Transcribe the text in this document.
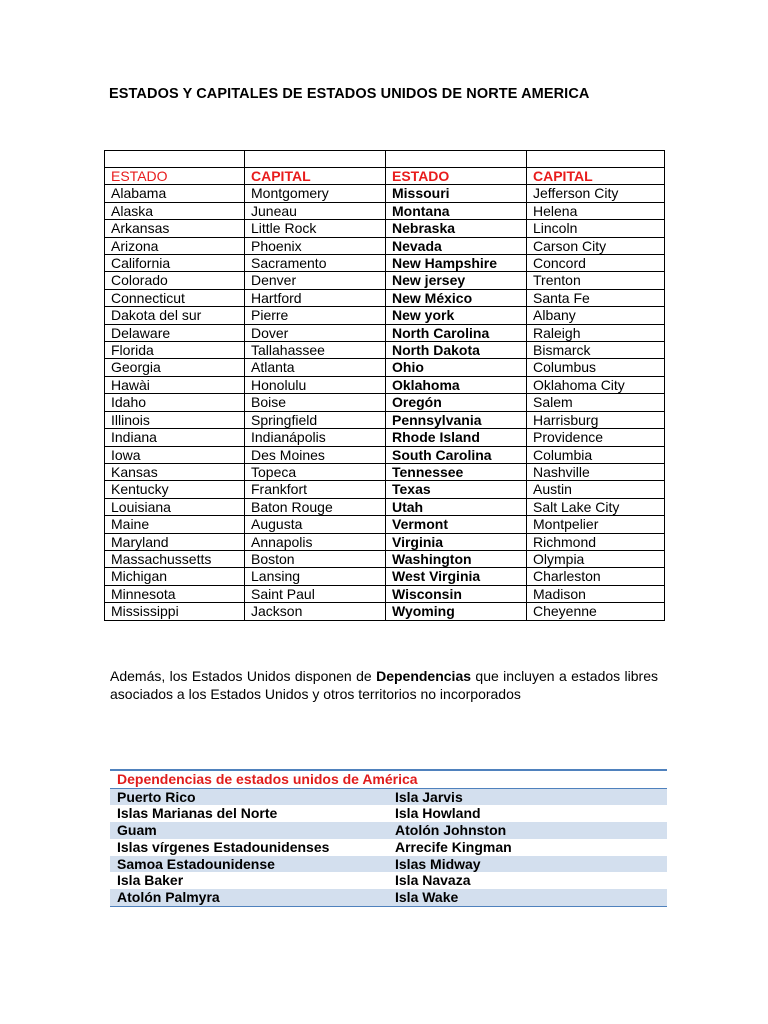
ESTADOS Y CAPITALES DE ESTADOS UNIDOS DE NORTE AMERICA

ESTADO	CAPITAL	ESTADO	CAPITAL
Alabama	Montgomery	Missouri	Jefferson City
Alaska	Juneau	Montana	Helena
Arkansas	Little Rock	Nebraska	Lincoln
Arizona	Phoenix	Nevada	Carson City
California	Sacramento	New Hampshire	Concord
Colorado	Denver	New jersey	Trenton
Connecticut	Hartford	New México	Santa Fe
Dakota del sur	Pierre	New york	Albany
Delaware	Dover	North Carolina	Raleigh
Florida	Tallahassee	North Dakota	Bismarck
Georgia	Atlanta	Ohio	Columbus
Hawài	Honolulu	Oklahoma	Oklahoma City
Idaho	Boise	Oregón	Salem
Illinois	Springfield	Pennsylvania	Harrisburg
Indiana	Indianápolis	Rhode Island	Providence
Iowa	Des Moines	South Carolina	Columbia
Kansas	Topeca	Tennessee	Nashville
Kentucky	Frankfort	Texas	Austin
Louisiana	Baton Rouge	Utah	Salt Lake City
Maine	Augusta	Vermont	Montpelier
Maryland	Annapolis	Virginia	Richmond
Massachussetts	Boston	Washington	Olympia
Michigan	Lansing	West Virginia	Charleston
Minnesota	Saint Paul	Wisconsin	Madison
Mississippi	Jackson	Wyoming	Cheyenne
Además, los Estados Unidos disponen de Dependencias que incluyen a estados libres asociados a los Estados Unidos y otros territorios no incorporados
Dependencias de estados unidos de América	
Puerto Rico	Isla Jarvis
Islas Marianas del Norte	Isla Howland
Guam	Atolón Johnston
Islas vírgenes Estadounidenses	Arrecife Kingman
Samoa Estadounidense	Islas Midway
Isla Baker	Isla Navaza
Atolón Palmyra	Isla Wake
